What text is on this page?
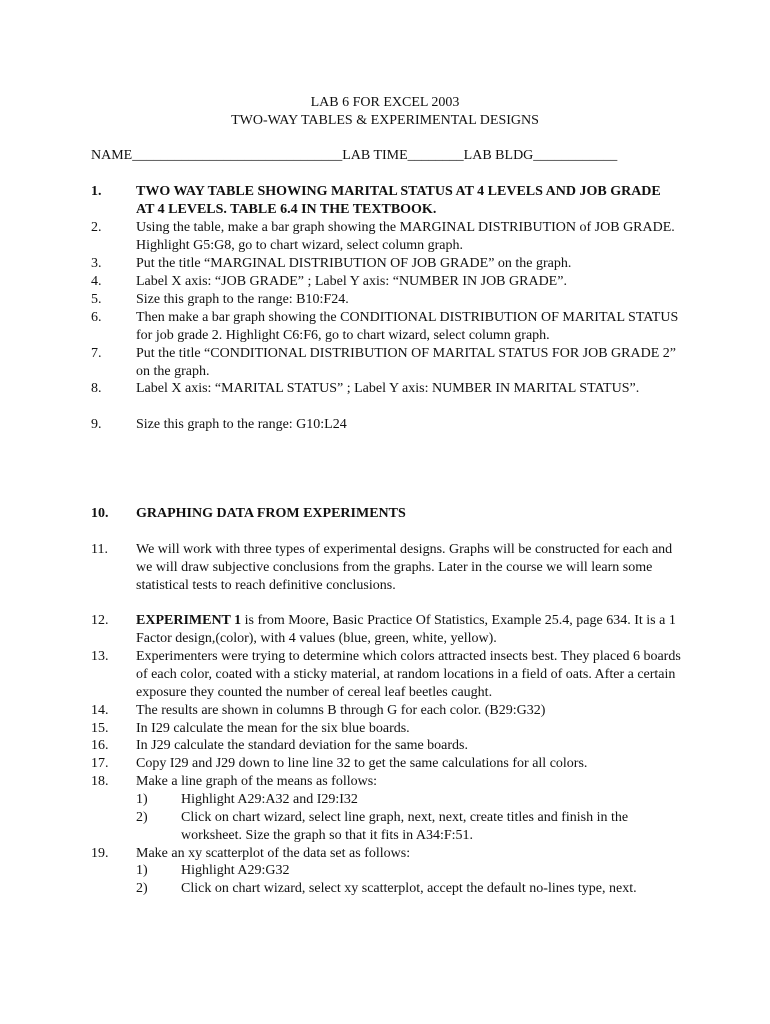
LAB 6 FOR EXCEL 2003
TWO-WAY TABLES & EXPERIMENTAL DESIGNS
NAME______________________________LAB TIME________LAB BLDG____________
1.	TWO WAY TABLE SHOWING MARITAL STATUS AT 4 LEVELS AND JOB GRADE AT 4 LEVELS. TABLE 6.4 IN THE TEXTBOOK.
2.	Using the table, make a bar graph showing the MARGINAL DISTRIBUTION of JOB GRADE. Highlight G5:G8, go to chart wizard, select column graph.
3.	Put the title “MARGINAL DISTRIBUTION OF JOB GRADE” on the graph.
4.	Label X axis: “JOB GRADE” ; Label Y axis: “NUMBER IN JOB GRADE”.
5.	Size this graph to the range: B10:F24.
6.	Then make a bar graph showing the CONDITIONAL DISTRIBUTION OF MARITAL STATUS for job grade 2. Highlight C6:F6, go to chart wizard, select column graph.
7.	Put the title “CONDITIONAL DISTRIBUTION OF MARITAL STATUS FOR JOB GRADE 2” on the graph.
8.	Label X axis: “MARITAL STATUS” ; Label Y axis: NUMBER IN MARITAL STATUS”.
9.	Size this graph to the range: G10:L24
10.	GRAPHING DATA FROM EXPERIMENTS
11.	We will work with three types of experimental designs. Graphs will be constructed for each and we will draw subjective conclusions from the graphs. Later in the course we will learn some statistical tests to reach definitive conclusions.
12.	EXPERIMENT 1 is from Moore, Basic Practice Of Statistics, Example 25.4, page 634. It is a 1 Factor design,(color), with 4 values (blue, green, white, yellow).
13.	Experimenters were trying to determine which colors attracted insects best. They placed 6 boards of each color, coated with a sticky material, at random locations in a field of oats. After a certain exposure they counted the number of cereal leaf beetles caught.
14.	The results are shown in columns B through G for each color. (B29:G32)
15.	In I29 calculate the mean for the six blue boards.
16.	In J29 calculate the standard deviation for the same boards.
17.	Copy I29 and J29 down to line line 32 to get the same calculations for all colors.
18.	Make a line graph of the means as follows:
1)	Highlight A29:A32 and I29:I32
2)	Click on chart wizard, select line graph, next, next, create titles and finish in the worksheet. Size the graph so that it fits in A34:F:51.
19.	Make an xy scatterplot of the data set as follows:
1)	Highlight A29:G32
2)	Click on chart wizard, select xy scatterplot, accept the default no-lines type, next.
